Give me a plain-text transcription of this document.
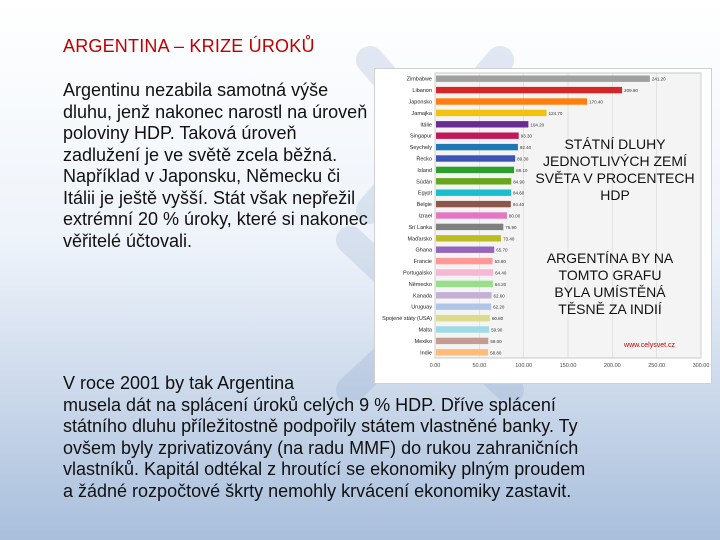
ARGENTINA – KRIZE ÚROKŮ
Argentinu nezabila samotná výše dluhu, jenž nakonec narostl na úroveň poloviny HDP. Taková úroveň zadlužení je ve světě zcela běžná. Například v Japonsku, Německu či Itálii je ještě vyšší. Stát však nepřežil extrémní 20 % úroky, které si nakonec věřitelé účtovali.
0.00	50.00	100.00	150.00	200.00	250.00	300.00
Zimbabwe	241.20
Libanon	209.90
Japonsko	170.40
Jamajka	124.70
Itálie	104.20
Singapur	93.30
Seychely	92.40
Řecko	89.30
Island	88.10
Súdán	84.90
Egypt	84.60
Belgie	84.40
Izrael	80.00
Srí Lanka	75.90
Maďarsko	73.40
Ghana	65.70
Francie	63.80
Portugalsko	64.40
Německo	64.20
Kanada	62.60
Uruguay	62.20
Spojené státy (USA)	60.80
Malta	59.90
Mexiko	59.00
Indie	58.80
www.celysvet.cz
STÁTNÍ DLUHY JEDNOTLIVÝCH ZEMÍ SVĚTA V PROCENTECH HDP
ARGENTÍNA BY NA TOMTO GRAFU BYLA UMÍSTĚNÁ TĚSNĚ ZA INDIÍ
V roce 2001 by tak Argentina
musela dát na splácení úroků celých 9 % HDP. Dříve splácení
státního dluhu příležitostně podpořily státem vlastněné banky. Ty
ovšem byly zprivatizovány (na radu MMF) do rukou zahraničních
vlastníků. Kapitál odtékal z hroutící se ekonomiky plným proudem
a žádné rozpočtové škrty nemohly krvácení ekonomiky zastavit.
